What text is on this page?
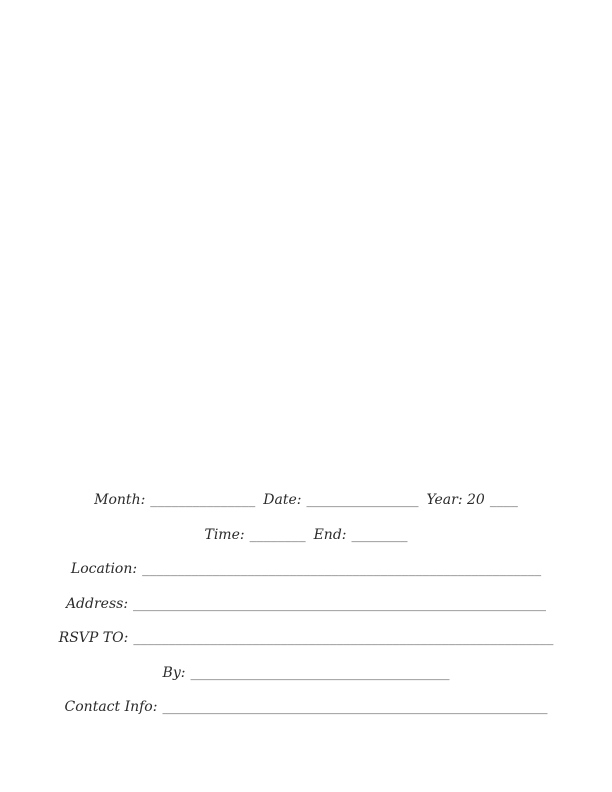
Month: _______________ Date: ________________ Year: 20 ____
Time: ________ End: ________
Location: _________________________________________________________
Address: ___________________________________________________________
RSVP TO: ____________________________________________________________
By: _____________________________________
Contact Info: _______________________________________________________
